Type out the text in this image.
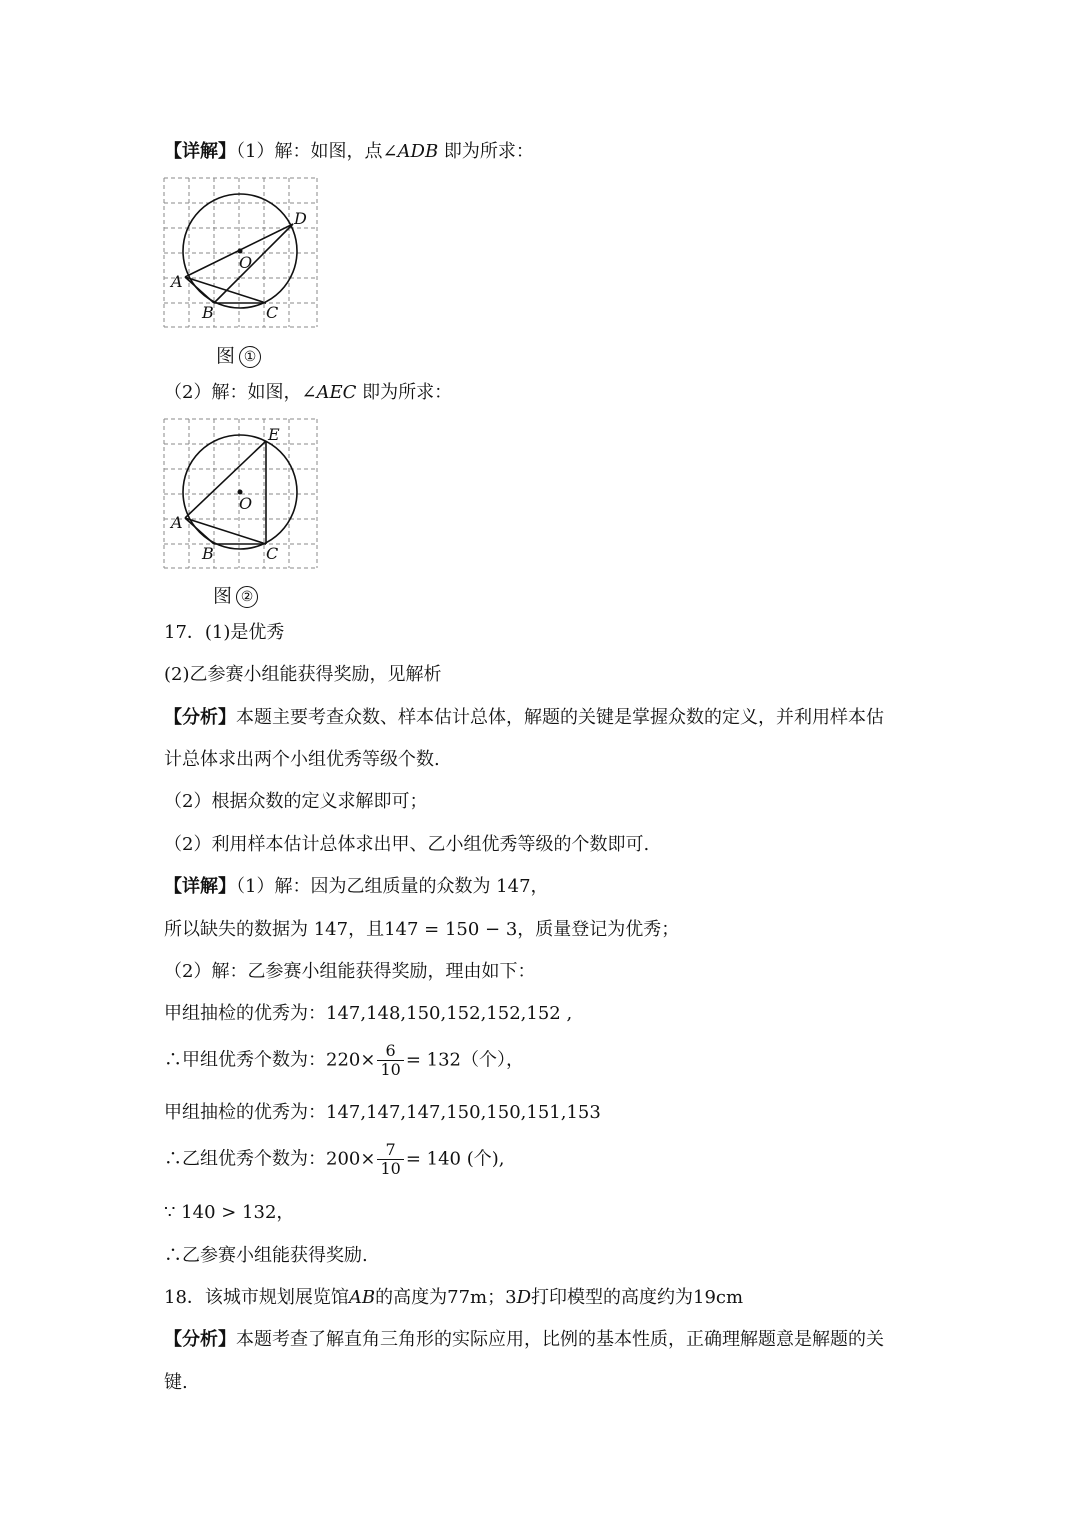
【详解】（1）解：如图，点∠ADB 即为所求：
A
B	C
D
O
图 ①
（2）解：如图，∠AEC 即为所求：
A
B	C
E
O
图 ②
17．(1)是优秀
(2)乙参赛小组能获得奖励，见解析
【分析】本题主要考查众数、样本估计总体，解题的关键是掌握众数的定义，并利用样本估
计总体求出两个小组优秀等级个数.
（2）根据众数的定义求解即可；
（2）利用样本估计总体求出甲、乙小组优秀等级的个数即可.
【详解】（1）解：因为乙组质量的众数为 147，
所以缺失的数据为 147，且147 = 150 − 3，质量登记为优秀；
（2）解：乙参赛小组能获得奖励，理由如下：
甲组抽检的优秀为：147,148,150,152,152,152 ,
∴甲组优秀个数为：$220\times \frac{6}{10} = 132$（个），
甲组抽检的优秀为：147,147,147,150,150,151,153
∴乙组优秀个数为：$200\times \frac{7}{10} = 140$ (个),
∵ 140 > 132，
∴乙参赛小组能获得奖励.
18．该城市规划展览馆AB的高度为77m；3D打印模型的高度约为19cm
【分析】本题考查了解直角三角形的实际应用，比例的基本性质，正确理解题意是解题的关
键.
